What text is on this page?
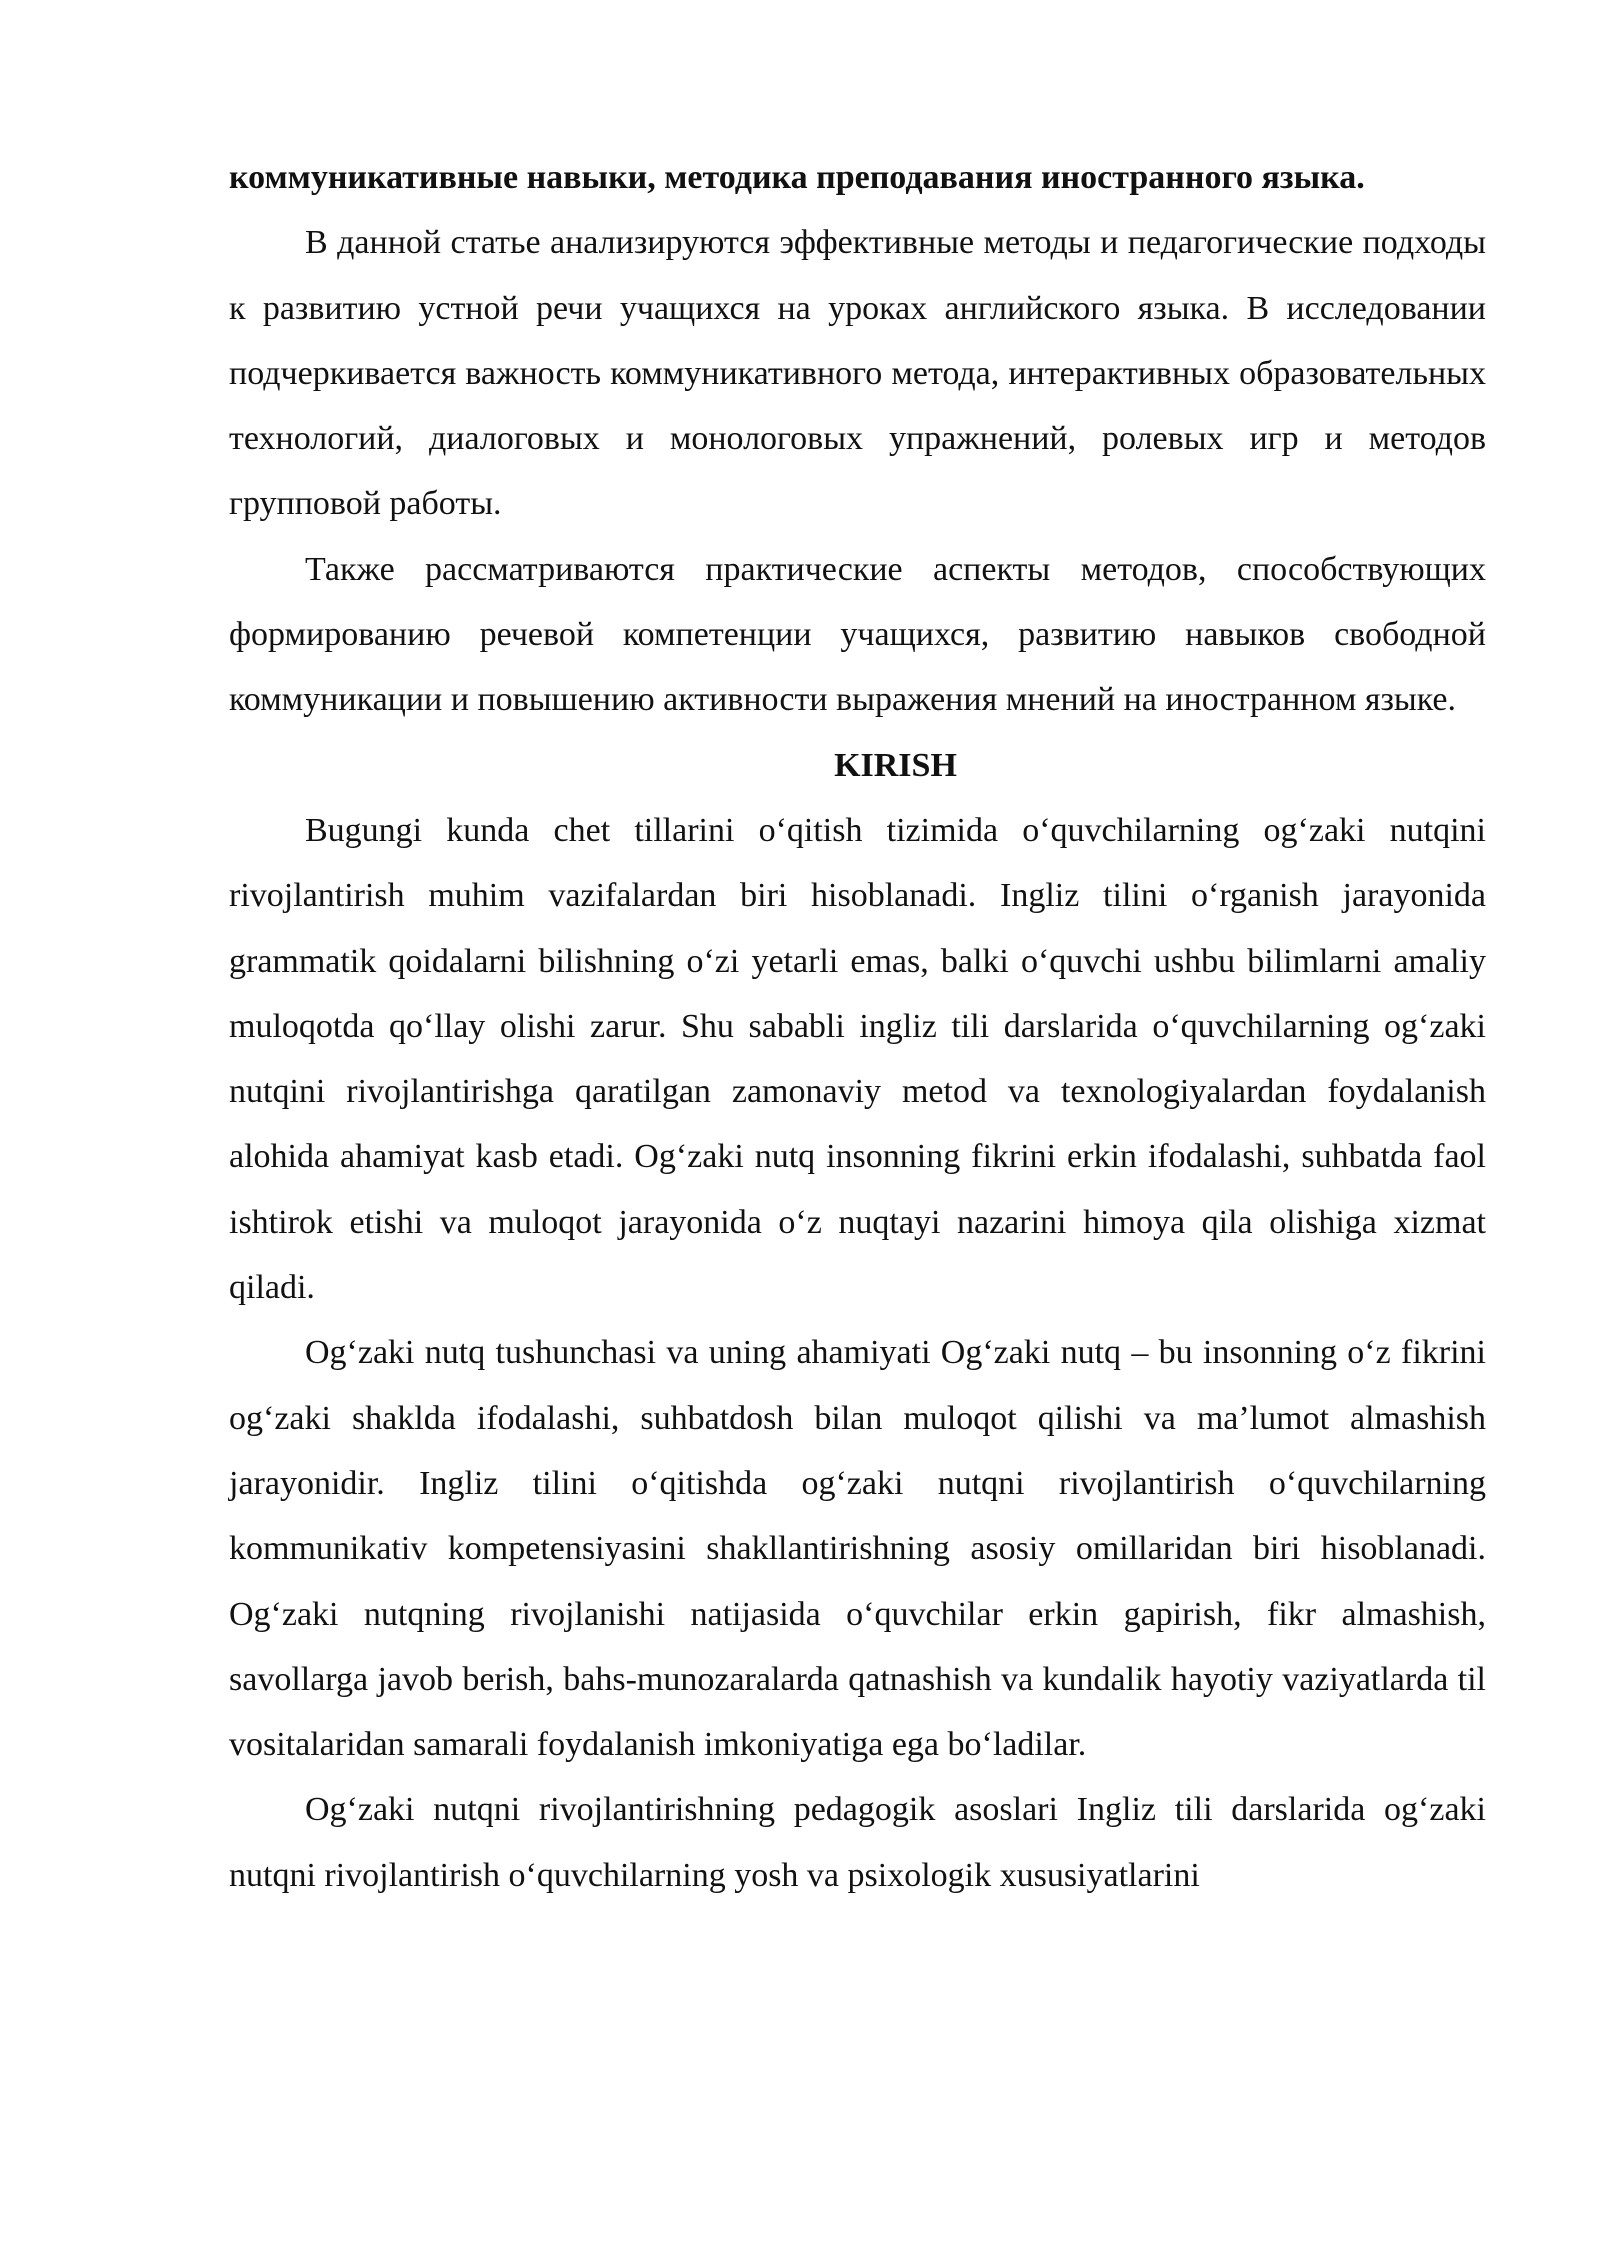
коммуникативные навыки, методика преподавания иностранного языка.

В данной статье анализируются эффективные методы и педагогические подходы к развитию устной речи учащихся на уроках английского языка. В исследовании подчеркивается важность коммуникативного метода, интерактивных образовательных технологий, диалоговых и монологовых упражнений, ролевых игр и методов групповой работы.

Также рассматриваются практические аспекты методов, способствующих формированию речевой компетенции учащихся, развитию навыков свободной коммуникации и повышению активности выражения мнений на иностранном языке.

KIRISH

Bugungi kunda chet tillarini o‘qitish tizimida o‘quvchilarning og‘zaki nutqini rivojlantirish muhim vazifalardan biri hisoblanadi. Ingliz tilini o‘rganish jarayonida grammatik qoidalarni bilishning o‘zi yetarli emas, balki o‘quvchi ushbu bilimlarni amaliy muloqotda qo‘llay olishi zarur. Shu sababli ingliz tili darslarida o‘quvchilarning og‘zaki nutqini rivojlantirishga qaratilgan zamonaviy metod va texnologiyalardan foydalanish alohida ahamiyat kasb etadi. Og‘zaki nutq insonning fikrini erkin ifodalashi, suhbatda faol ishtirok etishi va muloqot jarayonida o‘z nuqtayi nazarini himoya qila olishiga xizmat qiladi.

Og‘zaki nutq tushunchasi va uning ahamiyati Og‘zaki nutq – bu insonning o‘z fikrini og‘zaki shaklda ifodalashi, suhbatdosh bilan muloqot qilishi va ma’lumot almashish jarayonidir. Ingliz tilini o‘qitishda og‘zaki nutqni rivojlantirish o‘quvchilarning kommunikativ kompetensiyasini shakllantirishning asosiy omillaridan biri hisoblanadi. Og‘zaki nutqning rivojlanishi natijasida o‘quvchilar erkin gapirish, fikr almashish, savollarga javob berish, bahs-munozaralarda qatnashish va kundalik hayotiy vaziyatlarda til vositalaridan samarali foydalanish imkoniyatiga ega bo‘ladilar.

Og‘zaki nutqni rivojlantirishning pedagogik asoslari Ingliz tili darslarida og‘zaki nutqni rivojlantirish o‘quvchilarning yosh va psixologik xususiyatlarini
